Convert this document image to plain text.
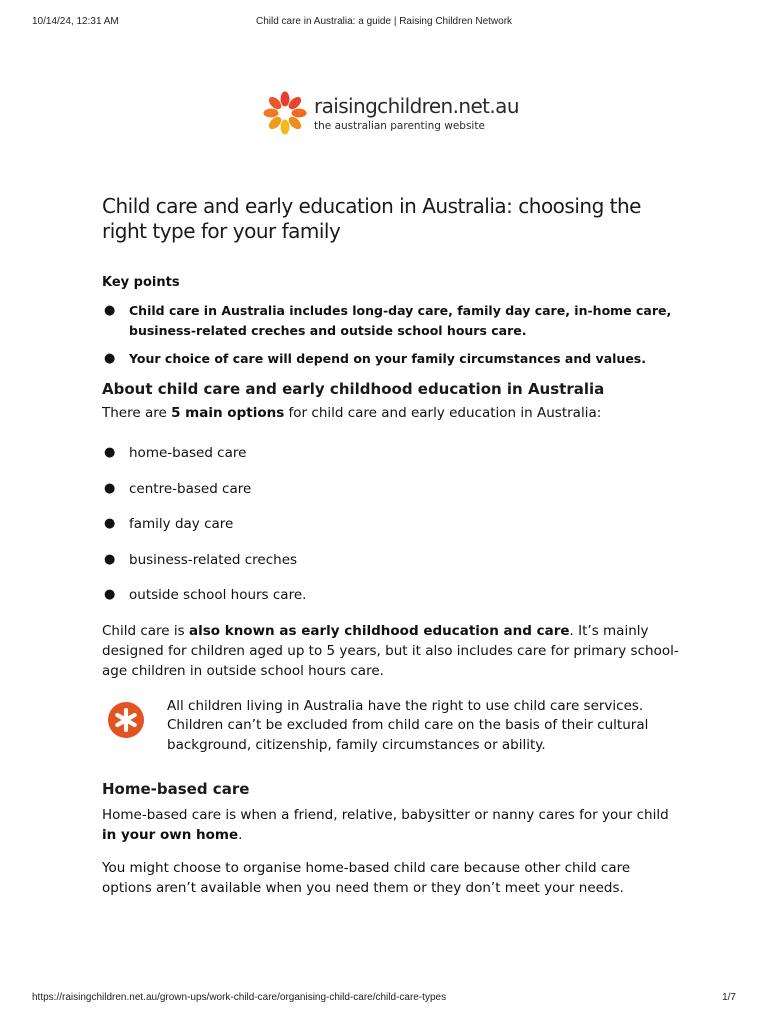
10/14/24, 12:31 AM	Child care in Australia: a guide | Raising Children Network
raisingchildren.net.au
the australian parenting website
Child care and early education in Australia: choosing the right type for your family
Key points
● Child care in Australia includes long-day care, family day care, in-home care, business-related creches and outside school hours care.
● Your choice of care will depend on your family circumstances and values.
About child care and early childhood education in Australia

There are 5 main options for child care and early education in Australia:

● home-based care
● centre-based care
● family day care
● business-related creches
● outside school hours care.

Child care is also known as early childhood education and care. It’s mainly designed for children aged up to 5 years, but it also includes care for primary school-age children in outside school hours care.

All children living in Australia have the right to use child care services. Children can’t be excluded from child care on the basis of their cultural background, citizenship, family circumstances or ability.

Home-based care

Home-based care is when a friend, relative, babysitter or nanny cares for your child in your own home.

You might choose to organise home-based child care because other child care options aren’t available when you need them or they don’t meet your needs.

https://raisingchildren.net.au/grown-ups/work-child-care/organising-child-care/child-care-types	1/7
